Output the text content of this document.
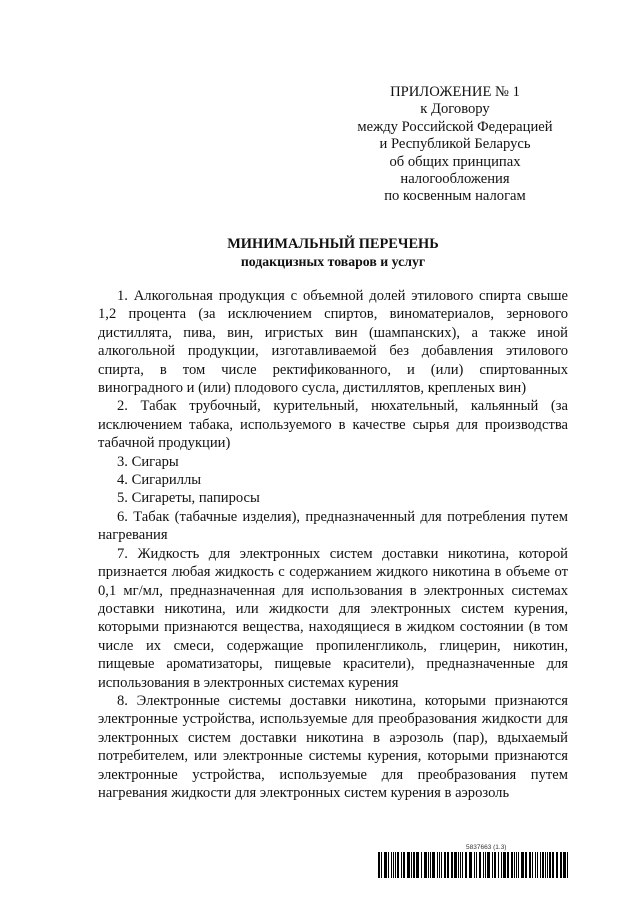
ПРИЛОЖЕНИЕ № 1
к Договору
между Российской Федерацией
и Республикой Беларусь
об общих принципах
налогообложения
по косвенным налогам
МИНИМАЛЬНЫЙ ПЕРЕЧЕНЬ
подакцизных товаров и услуг

1. Алкогольная продукция с объемной долей этилового спирта свыше 1,2 процента (за исключением спиртов, виноматериалов, зернового дистиллята, пива, вин, игристых вин (шампанских), а также иной алкогольной продукции, изготавливаемой без добавления этилового спирта, в том числе ректификованного, и (или) спиртованных виноградного и (или) плодового сусла, дистиллятов, крепленых вин)

2. Табак трубочный, курительный, нюхательный, кальянный (за исключением табака, используемого в качестве сырья для производства табачной продукции)

3. Сигары

4. Сигариллы

5. Сигареты, папиросы

6. Табак (табачные изделия), предназначенный для потребления путем нагревания

7. Жидкость для электронных систем доставки никотина, которой признается любая жидкость с содержанием жидкого никотина в объеме от 0,1 мг/мл, предназначенная для использования в электронных системах доставки никотина, или жидкости для электронных систем курения, которыми признаются вещества, находящиеся в жидком состоянии (в том числе их смеси, содержащие пропиленгликоль, глицерин, никотин, пищевые ароматизаторы, пищевые красители), предназначенные для использования в электронных системах курения

8. Электронные системы доставки никотина, которыми признаются электронные устройства, используемые для преобразования жидкости для электронных систем доставки никотина в аэрозоль (пар), вдыхаемый потребителем, или электронные системы курения, которыми признаются электронные устройства, используемые для преобразования путем нагревания жидкости для электронных систем курения в аэрозоль

5837663 (1.3)
